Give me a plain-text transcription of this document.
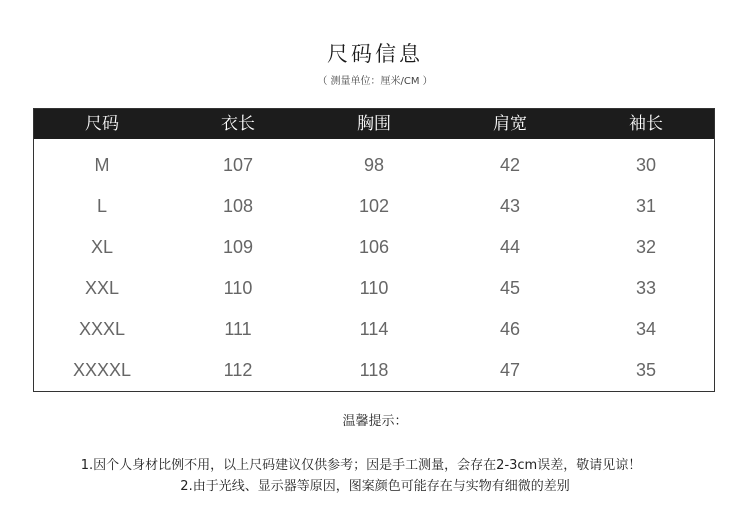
尺码信息
（ 测量单位：厘米/CM ）
尺码	衣长	胸围	肩宽	袖长
M	107	98	42	30
L	108	102	43	31
XL	109	106	44	32
XXL	110	110	45	33
XXXL	111	114	46	34
XXXXL	112	118	47	35
温馨提示：
1.因个人身材比例不用，以上尺码建议仅供参考；因是手工测量，会存在2-3cm误差，敬请见谅！
2.由于光线、显示器等原因，图案颜色可能存在与实物有细微的差别
